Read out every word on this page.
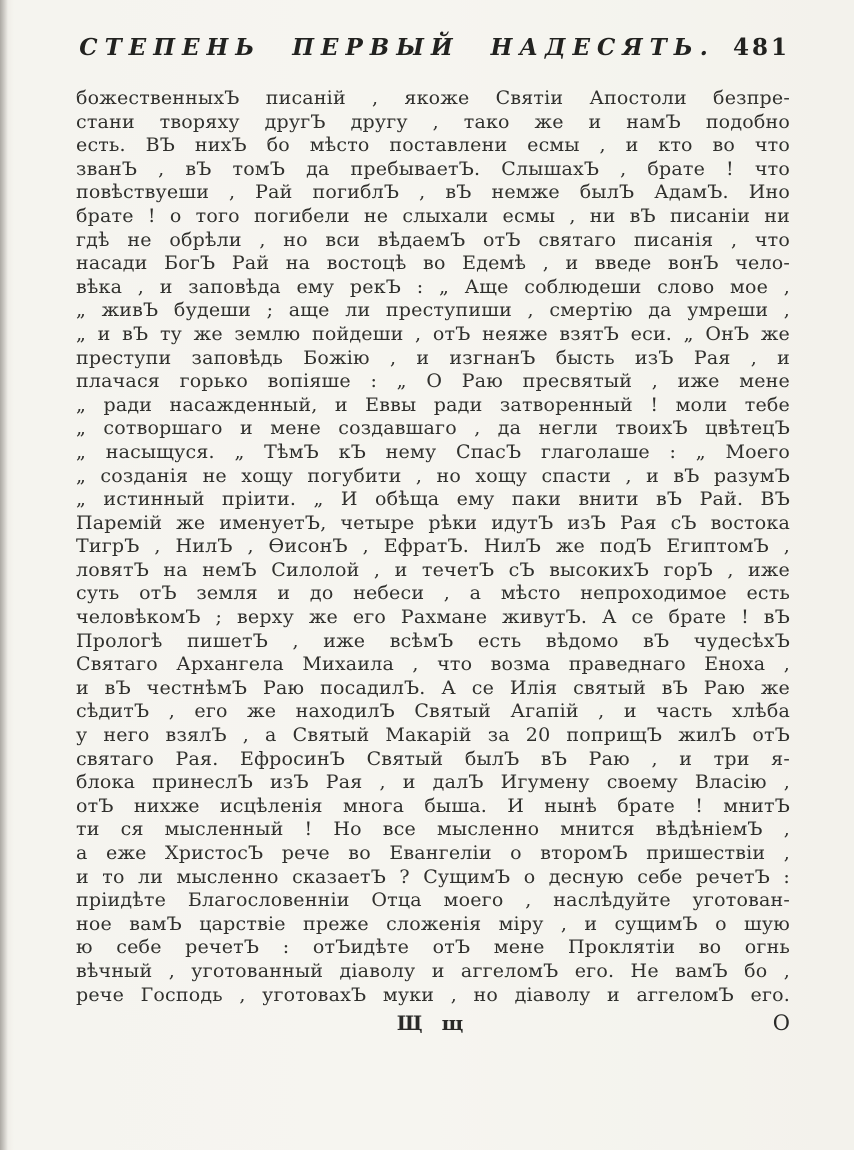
СТЕПЕНЬ ПЕРВЫЙ НАДЕСЯТЬ. 481
божественныхЪ писаній , якоже Святіи Апостоли безпре-
стани творяху другЪ другу , тако же и намЪ подобно
есть. ВЪ нихЪ бо мѣсто поставлени есмы , и кто во что
званЪ , вЪ томЪ да пребываетЪ. СлышахЪ , брате ! что
повѣствуеши , Рай погиблЪ , вЪ немже былЪ АдамЪ. Ино
брате ! о того погибели не слыхали есмы , ни вЪ писаніи ни
гдѣ не обрѣли , но вси вѣдаемЪ отЪ святаго писанія , что
насади БогЪ Рай на востоцѣ во Едемѣ , и введе вонЪ чело-
вѣка , и заповѣда ему рекЪ : „ Аще соблюдеши слово мое ,
„ живЪ будеши ; аще ли преступиши , смертію да умреши ,
„ и вЪ ту же землю пойдеши , отЪ неяже взятЪ еси. „ ОнЪ же
преступи заповѣдь Божію , и изгнанЪ бысть изЪ Рая , и
плачася горько вопіяше : „ О Раю пресвятый , иже мене
„ ради насажденный, и Еввы ради затворенный ! моли тебе
„ сотворшаго и мене создавшаго , да негли твоихЪ цвѣтецЪ
„ насыщуся. „ ТѣмЪ кЪ нему СпасЪ глаголаше : „ Моего
„ созданія не хощу погубити , но хощу спасти , и вЪ разумЪ
„ истинный пріити. „ И обѣща ему паки внити вЪ Рай. ВЪ
Паремій же именуетЪ, четыре рѣки идутЪ изЪ Рая сЪ востока
ТигрЪ , НилЪ , ѲисонЪ , ЕфратЪ. НилЪ же подЪ ЕгиптомЪ ,
ловятЪ на немЪ Силолой , и течетЪ сЪ высокихЪ горЪ , иже
суть отЪ земля и до небеси , а мѣсто непроходимое есть
человѣкомЪ ; верху же его Рахмане живутЪ. А се брате ! вЪ
Прологѣ пишетЪ , иже всѣмЪ есть вѣдомо вЪ чудесѣхЪ
Святаго Архангела Михаила , что возма праведнаго Еноха ,
и вЪ честнѣмЪ Раю посадилЪ. А се Илія святый вЪ Раю же
сѣдитЪ , его же находилЪ Святый Агапій , и часть хлѣба
у него взялЪ , а Святый Макарій за 20 поприщЪ жилЪ отЪ
святаго Рая. ЕфросинЪ Святый былЪ вЪ Раю , и три я-
блока принеслЪ изЪ Рая , и далЪ Игумену своему Власію ,
отЪ нихже исцѣленія многа быша. И нынѣ брате ! мнитЪ
ти ся мысленный ! Но все мысленно мнится вѣдѣніемЪ ,
а еже ХристосЪ рече во Евангеліи о второмЪ пришествіи ,
и то ли мысленно сказаетЪ ? СущимЪ о десную себе речетЪ :
пріидѣте Благословенніи Отца моего , наслѣдуйте уготован-
ное вамЪ царствіе преже сложенія міру , и сущимЪ о шую
ю себе речетЪ : отЪидѣте отЪ мене Проклятіи во огнь
вѣчный , уготованный діаволу и аггеломЪ его. Не вамЪ бо ,
рече Господь , уготовахЪ муки , но діаволу и аггеломЪ его.
Щ щ	О
